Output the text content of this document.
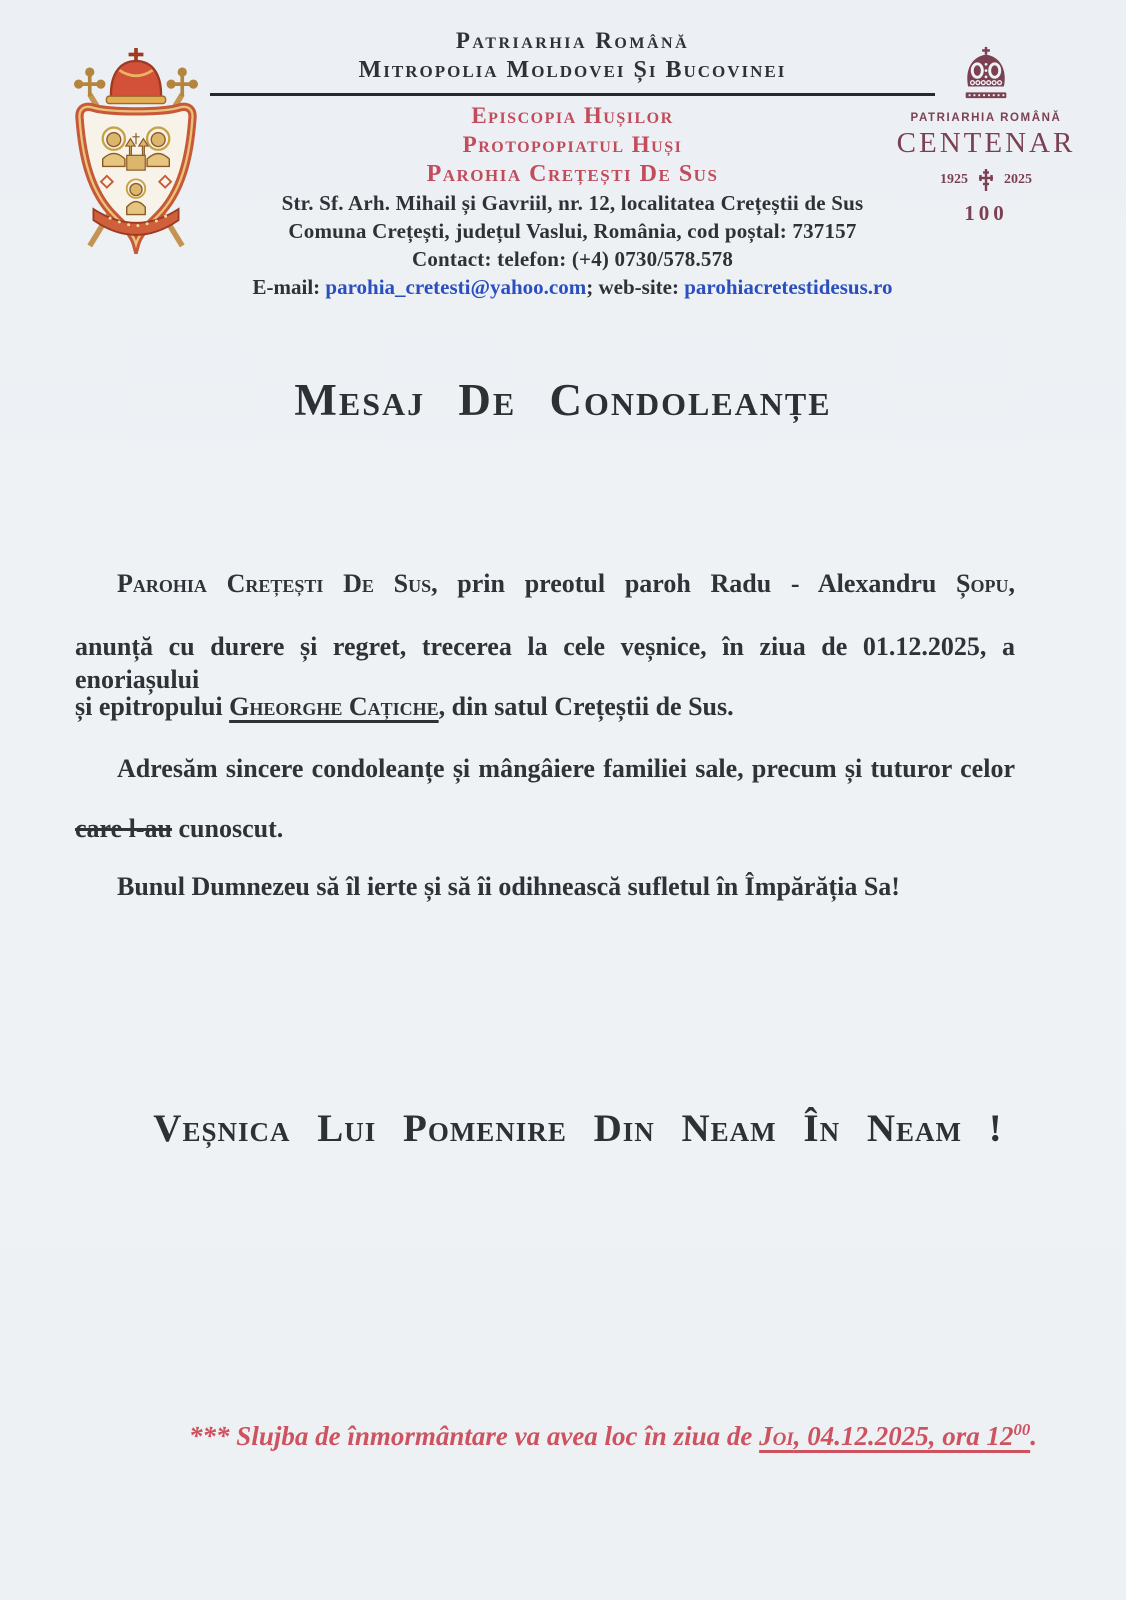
Patriarhia Română
Mitropolia Moldovei Și Bucovinei
Episcopia Hușilor
Protopopiatul Huși
Parohia Crețești De Sus
Str. Sf. Arh. Mihail și Gavriil, nr. 12, localitatea Crețeștii de Sus
Comuna Crețești, județul Vaslui, România, cod poștal: 737157
Contact: telefon: (+4) 0730/578.578
E-mail: parohia_cretesti@yahoo.com; web-site: parohiacretestidesus.ro
PATRIARHIA ROMÂNĂ
CENTENAR
1925	2025
100
Mesaj De Condoleanțe
Parohia Crețești De Sus, prin preotul paroh Radu - Alexandru Șopu,
anunță cu durere și regret, trecerea la cele veșnice, în ziua de 01.12.2025, a enoriașului
și epitropului Gheorghe Cațiche, din satul Crețeștii de Sus.
Adresăm sincere condoleanțe și mângâiere familiei sale, precum și tuturor celor
care l-au cunoscut.
Bunul Dumnezeu să îl ierte și să îi odihnească sufletul în Împărăția Sa!
Veșnica Lui Pomenire Din Neam În Neam !
*** Slujba de înmormântare va avea loc în ziua de Joi, 04.12.2025, ora 12$^{00}$.
